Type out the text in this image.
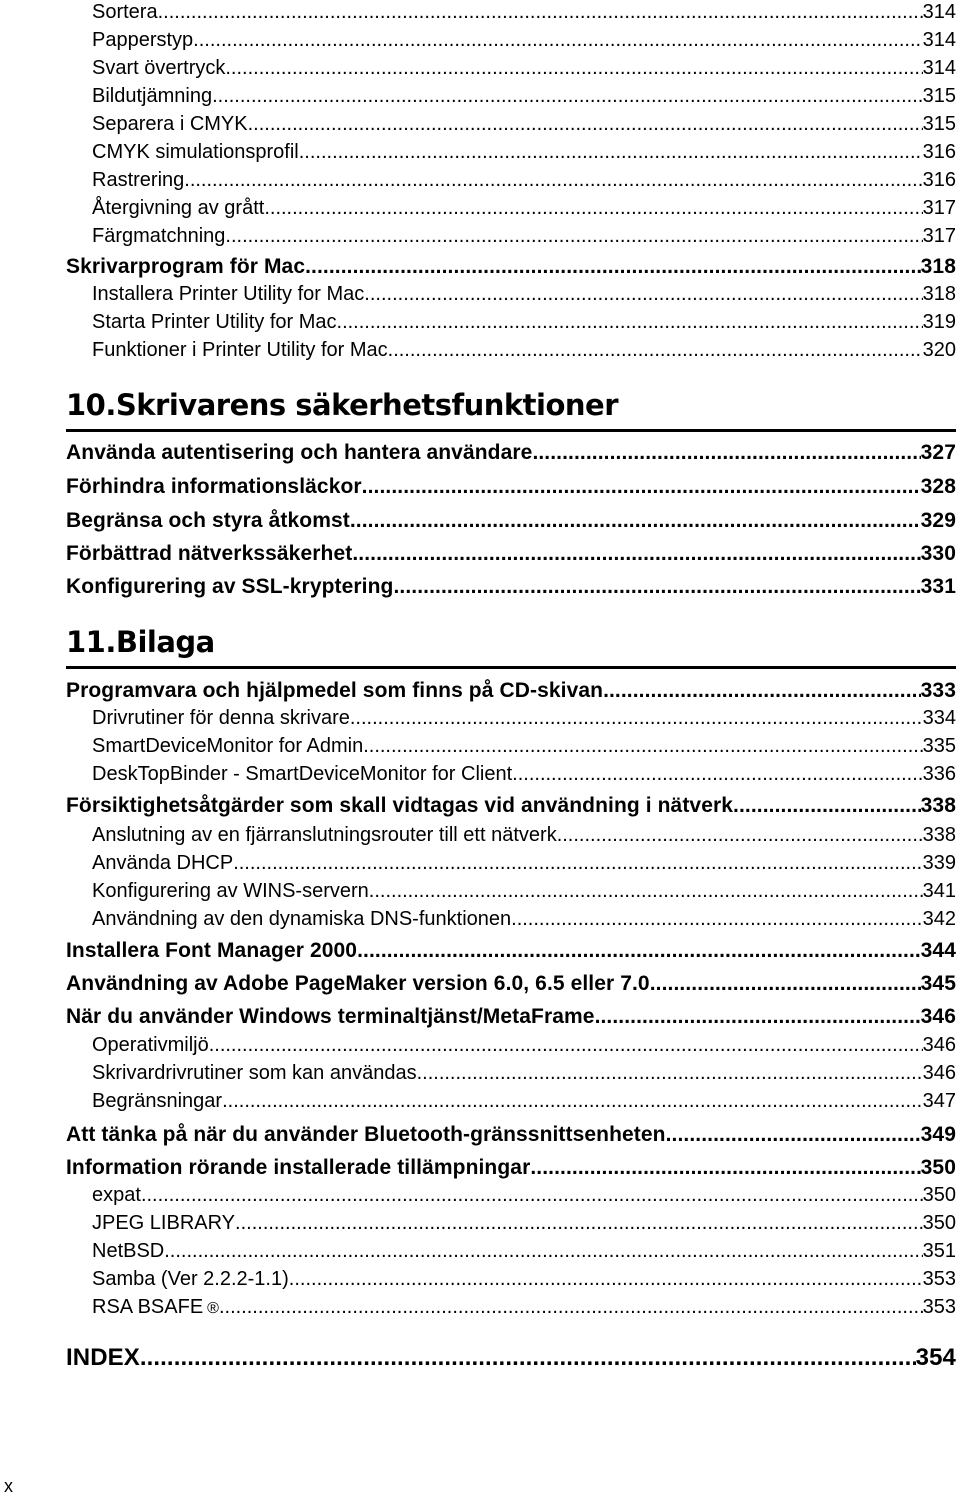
Sortera .....	314
Papperstyp .....	314
Svart övertryck .....	314
Bildutjämning .....	315
Separera i CMYK .....	315
CMYK simulationsprofil .....	316
Rastrering .....	316
Återgivning av grått .....	317
Färgmatchning .....	317
Skrivarprogram för Mac .....	318
Installera Printer Utility for Mac .....	318
Starta Printer Utility for Mac .....	319
Funktioner i Printer Utility for Mac .....	320
10.Skrivarens säkerhetsfunktioner
Använda autentisering och hantera användare .....	327
Förhindra informationsläckor .....	328
Begränsa och styra åtkomst .....	329
Förbättrad nätverkssäkerhet .....	330
Konfigurering av SSL-kryptering .....	331
11.Bilaga
Programvara och hjälpmedel som finns på CD-skivan .....	333
Drivrutiner för denna skrivare .....	334
SmartDeviceMonitor for Admin .....	335
DeskTopBinder - SmartDeviceMonitor for Client .....	336
Försiktighetsåtgärder som skall vidtagas vid användning i nätverk .....	338
Anslutning av en fjärranslutningsrouter till ett nätverk .....	338
Använda DHCP .....	339
Konfigurering av WINS-servern .....	341
Användning av den dynamiska DNS-funktionen .....	342
Installera Font Manager 2000 .....	344
Användning av Adobe PageMaker version 6.0, 6.5 eller 7.0 .....	345
När du använder Windows terminaltjänst/MetaFrame .....	346
Operativmiljö .....	346
Skrivardrivrutiner som kan användas .....	346
Begränsningar .....	347
Att tänka på när du använder Bluetooth-gränssnittsenheten .....	349
Information rörande installerade tillämpningar .....	350
expat .....	350
JPEG LIBRARY .....	350
NetBSD .....	351
Samba (Ver 2.2.2-1.1) .....	353
RSA BSAFE ® .....	353
INDEX .....	354
x
